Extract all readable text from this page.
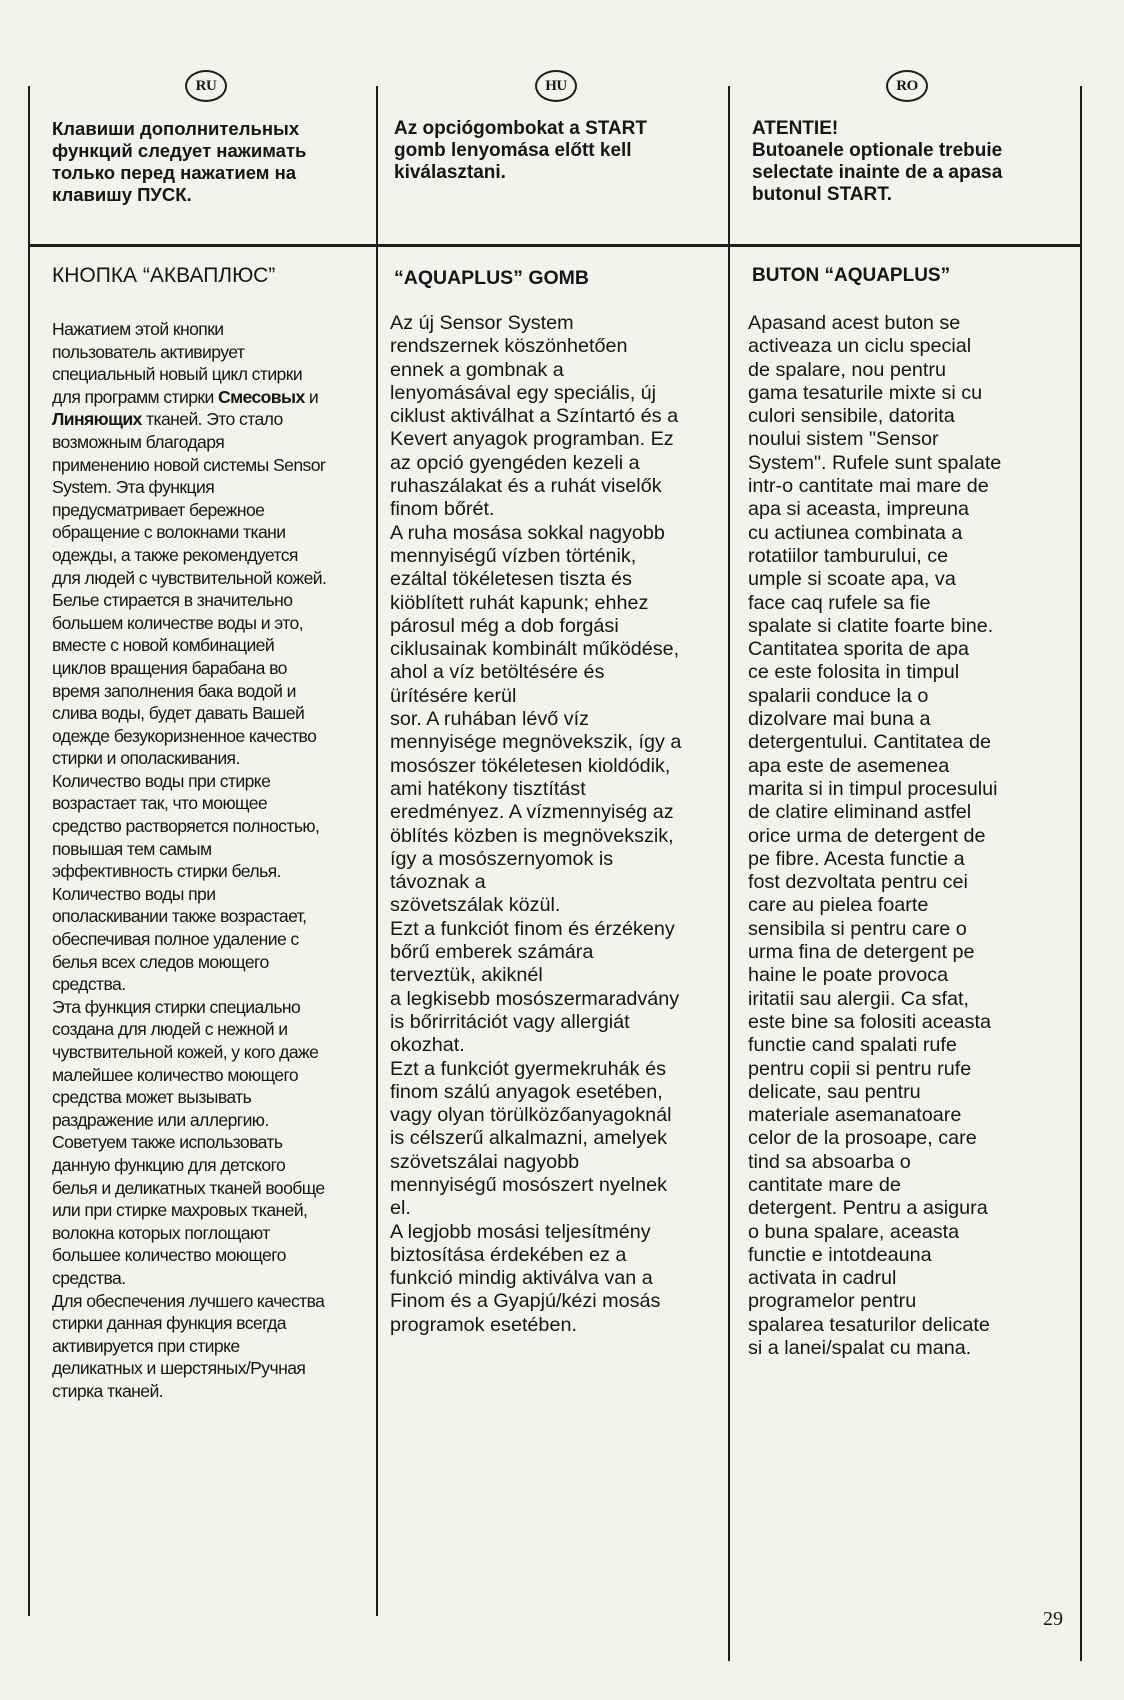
RU	HU	RO

Клавиши дополнительных

функций следует нажимать

только перед нажатием на

клавишу ПУСК.

Az opciógombokat a START

gomb lenyomása előtt kell

kiválasztani.

ATENTIE!

Butoanele optionale trebuie

selectate inainte de a apasa

butonul START.

КНОПКА “АКВАПЛЮС”	“AQUAPLUS” GOMB	BUTON “AQUAPLUS”

Нажатием этой кнопки

пользователь активирует

специальный новый цикл стирки

для программ стирки Смесовых и

Линяющих тканей. Это стало

возможным благодаря

применению новой системы Sensor

System. Эта функция

предусматривает бережное

обращение с волокнами ткани

одежды, а также рекомендуется

для людей с чувствительной кожей.

Белье стирается в значительно

большем количестве воды и это,

вместе с новой комбинацией

циклов вращения барабана во

время заполнения бака водой и

слива воды, будет давать Вашей

одежде безукоризненное качество

стирки и ополаскивания.

Количество воды при стирке

возрастает так, что моющее

средство растворяется полностью,

повышая тем самым

эффективность стирки белья.

Количество воды при

ополаскивании также возрастает,

обеспечивая полное удаление с

белья всех следов моющего

средства.

Эта функция стирки специально

создана для людей с нежной и

чувствительной кожей, у кого даже

малейшее количество моющего

средства может вызывать

раздражение или аллергию.

Советуем также использовать

данную функцию для детского

белья и деликатных тканей вообще

или при стирке махровых тканей,

волокна которых поглощают

большее количество моющего

средства.

Для обеспечения лучшего качества

стирки данная функция всегда

активируется при стирке

деликатных и шерстяных/Ручная

стирка тканей.

Az új Sensor System

rendszernek köszönhetően

ennek a gombnak a

lenyomásával egy speciális, új

ciklust aktiválhat a Színtartó és a

Kevert anyagok programban. Ez

az opció gyengéden kezeli a

ruhaszálakat és a ruhát viselők

finom bőrét.

A ruha mosása sokkal nagyobb

mennyiségű vízben történik,

ezáltal tökéletesen tiszta és

kiöblített ruhát kapunk; ehhez

párosul még a dob forgási

ciklusainak kombinált működése,

ahol a víz betöltésére és

ürítésére kerül

sor. A ruhában lévő víz

mennyisége megnövekszik, így a

mosószer tökéletesen kioldódik,

ami hatékony tisztítást

eredményez. A vízmennyiség az

öblítés közben is megnövekszik,

így a mosószernyomok is

távoznak a

szövetszálak közül.

Ezt a funkciót finom és érzékeny

bőrű emberek számára

terveztük, akiknél

a legkisebb mosószermaradvány

is bőrirritációt vagy allergiát

okozhat.

Ezt a funkciót gyermekruhák és

finom szálú anyagok esetében,

vagy olyan törülközőanyagoknál

is célszerű alkalmazni, amelyek

szövetszálai nagyobb

mennyiségű mosószert nyelnek

el.

A legjobb mosási teljesítmény

biztosítása érdekében ez a

funkció mindig aktiválva van a

Finom és a Gyapjú/kézi mosás

programok esetében.

Apasand acest buton se

activeaza un ciclu special

de spalare, nou pentru

gama tesaturile mixte si cu

culori sensibile, datorita

noului sistem "Sensor

System". Rufele sunt spalate

intr-o cantitate mai mare de

apa si aceasta, impreuna

cu actiunea combinata a

rotatiilor tamburului, ce

umple si scoate apa, va

face caq rufele sa fie

spalate si clatite foarte bine.

Cantitatea sporita de apa

ce este folosita in timpul

spalarii conduce la o

dizolvare mai buna a

detergentului. Cantitatea de

apa este de asemenea

marita si in timpul procesului

de clatire eliminand astfel

orice urma de detergent de

pe fibre. Acesta functie a

fost dezvoltata pentru cei

care au pielea foarte

sensibila si pentru care o

urma fina de detergent pe

haine le poate provoca

iritatii sau alergii. Ca sfat,

este bine sa folositi aceasta

functie cand spalati rufe

pentru copii si pentru rufe

delicate, sau pentru

materiale asemanatoare

celor de la prosoape, care

tind sa absoarba o

cantitate mare de

detergent. Pentru a asigura

o buna spalare, aceasta

functie e intotdeauna

activata in cadrul

programelor pentru

spalarea tesaturilor delicate

si a lanei/spalat cu mana.

29
